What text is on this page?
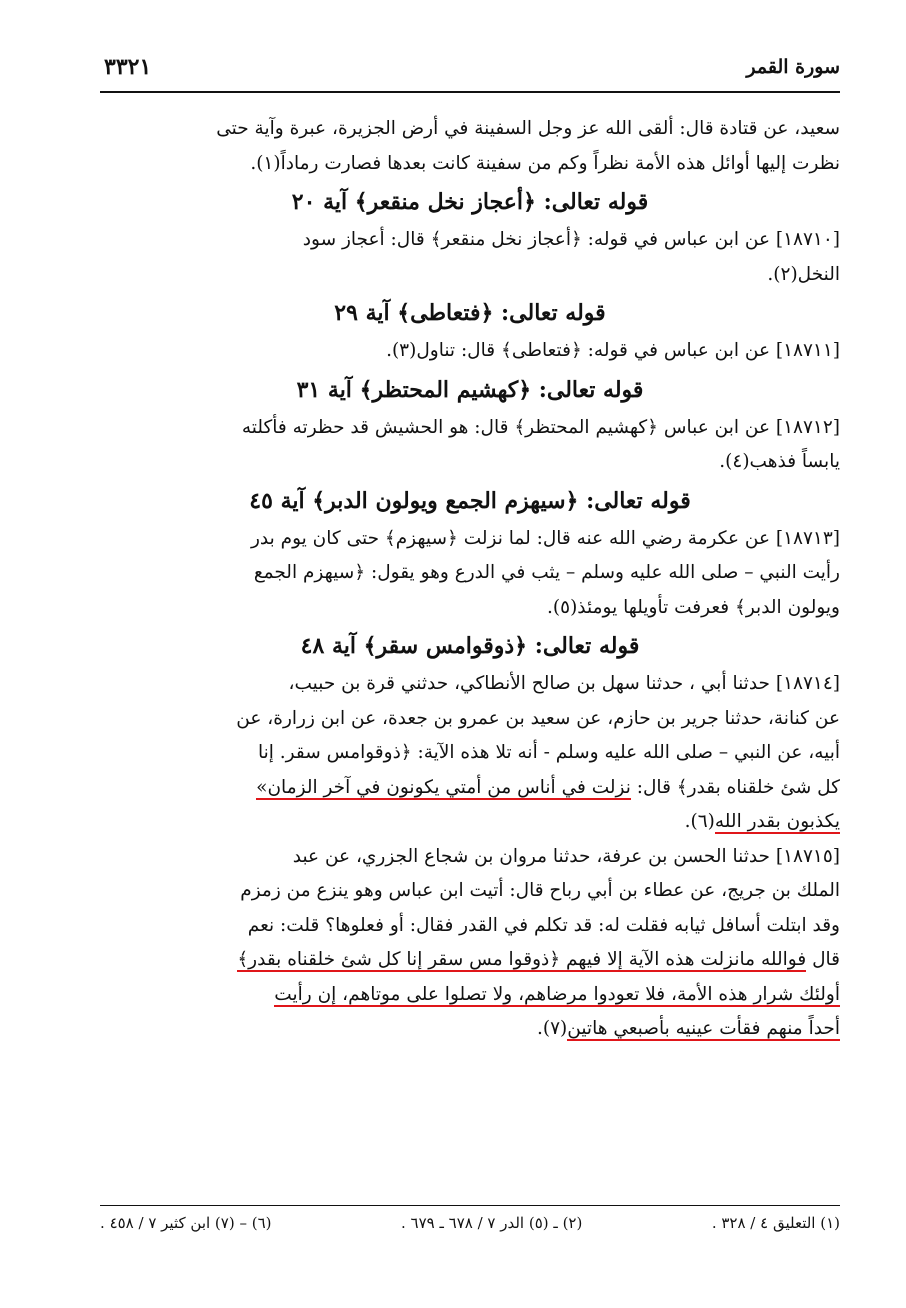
سورة القمر
٣٣٢١

سعيد، عن قتادة قال: ألقى الله عز وجل السفينة في أرض الجزيرة، عبرة وآية حتى

نظرت إليها أوائل هذه الأمة نظراً وكم من سفينة كانت بعدها فصارت رماداً(١).

قوله تعالى: ﴿أعجاز نخل منقعر﴾ آية ٢٠

[١٨٧١٠] عن ابن عباس في قوله: ﴿أعجاز نخل منقعر﴾ قال: أعجاز سود

النخل(٢).

قوله تعالى: ﴿فتعاطى﴾ آية ٢٩

[١٨٧١١] عن ابن عباس في قوله: ﴿فتعاطى﴾ قال: تناول(٣).

قوله تعالى: ﴿كهشيم المحتظر﴾ آية ٣١

[١٨٧١٢] عن ابن عباس ﴿كهشيم المحتظر﴾ قال: هو الحشيش قد حظرته فأكلته

يابساً فذهب(٤).

قوله تعالى: ﴿سيهزم الجمع ويولون الدبر﴾ آية ٤٥

[١٨٧١٣] عن عكرمة رضي الله عنه قال: لما نزلت ﴿سيهزم﴾ حتى كان يوم بدر

رأيت النبي – صلى الله عليه وسلم – يثب في الدرع وهو يقول: ﴿سيهزم الجمع

ويولون الدبر﴾ فعرفت تأويلها يومئذ(٥).

قوله تعالى: ﴿ذوقوامس سقر﴾ آية ٤٨

[١٨٧١٤] حدثنا أبي ، حدثنا سهل بن صالح الأنطاكي، حدثني قرة بن حبيب،

عن كنانة، حدثنا جرير بن حازم، عن سعيد بن عمرو بن جعدة، عن ابن زرارة، عن

أبيه، عن النبي – صلى الله عليه وسلم - أنه تلا هذه الآية: ﴿ذوقوامس سقر. إنا

كل شئ خلقناه بقدر﴾ قال: نزلت في أناس من أمتي يكونون في آخر الزمان»

يكذبون بقدر الله(٦).

[١٨٧١٥] حدثنا الحسن بن عرفة، حدثنا مروان بن شجاع الجزري، عن عبد

الملك بن جريج، عن عطاء بن أبي رباح قال: أتيت ابن عباس وهو ينزع من زمزم

وقد ابتلت أسافل ثيابه فقلت له: قد تكلم في القدر فقال: أو فعلوها؟ قلت: نعم

قال فوالله مانزلت هذه الآية إلا فيهم ﴿ذوقوا مس سقر إنا كل شئ خلقناه بقدر﴾

أولئك شرار هذه الأمة، فلا تعودوا مرضاهم، ولا تصلوا على موتاهم، إن رأيت

أحداً منهم فقأت عينيه بأصبعي هاتين(٧).

(١) التعليق ٤ / ٣٢٨ .
(٢) ـ (٥) الدر ٧ / ٦٧٨ ـ ٦٧٩ .
(٦) – (٧) ابن كثير ٧ / ٤٥٨ .
